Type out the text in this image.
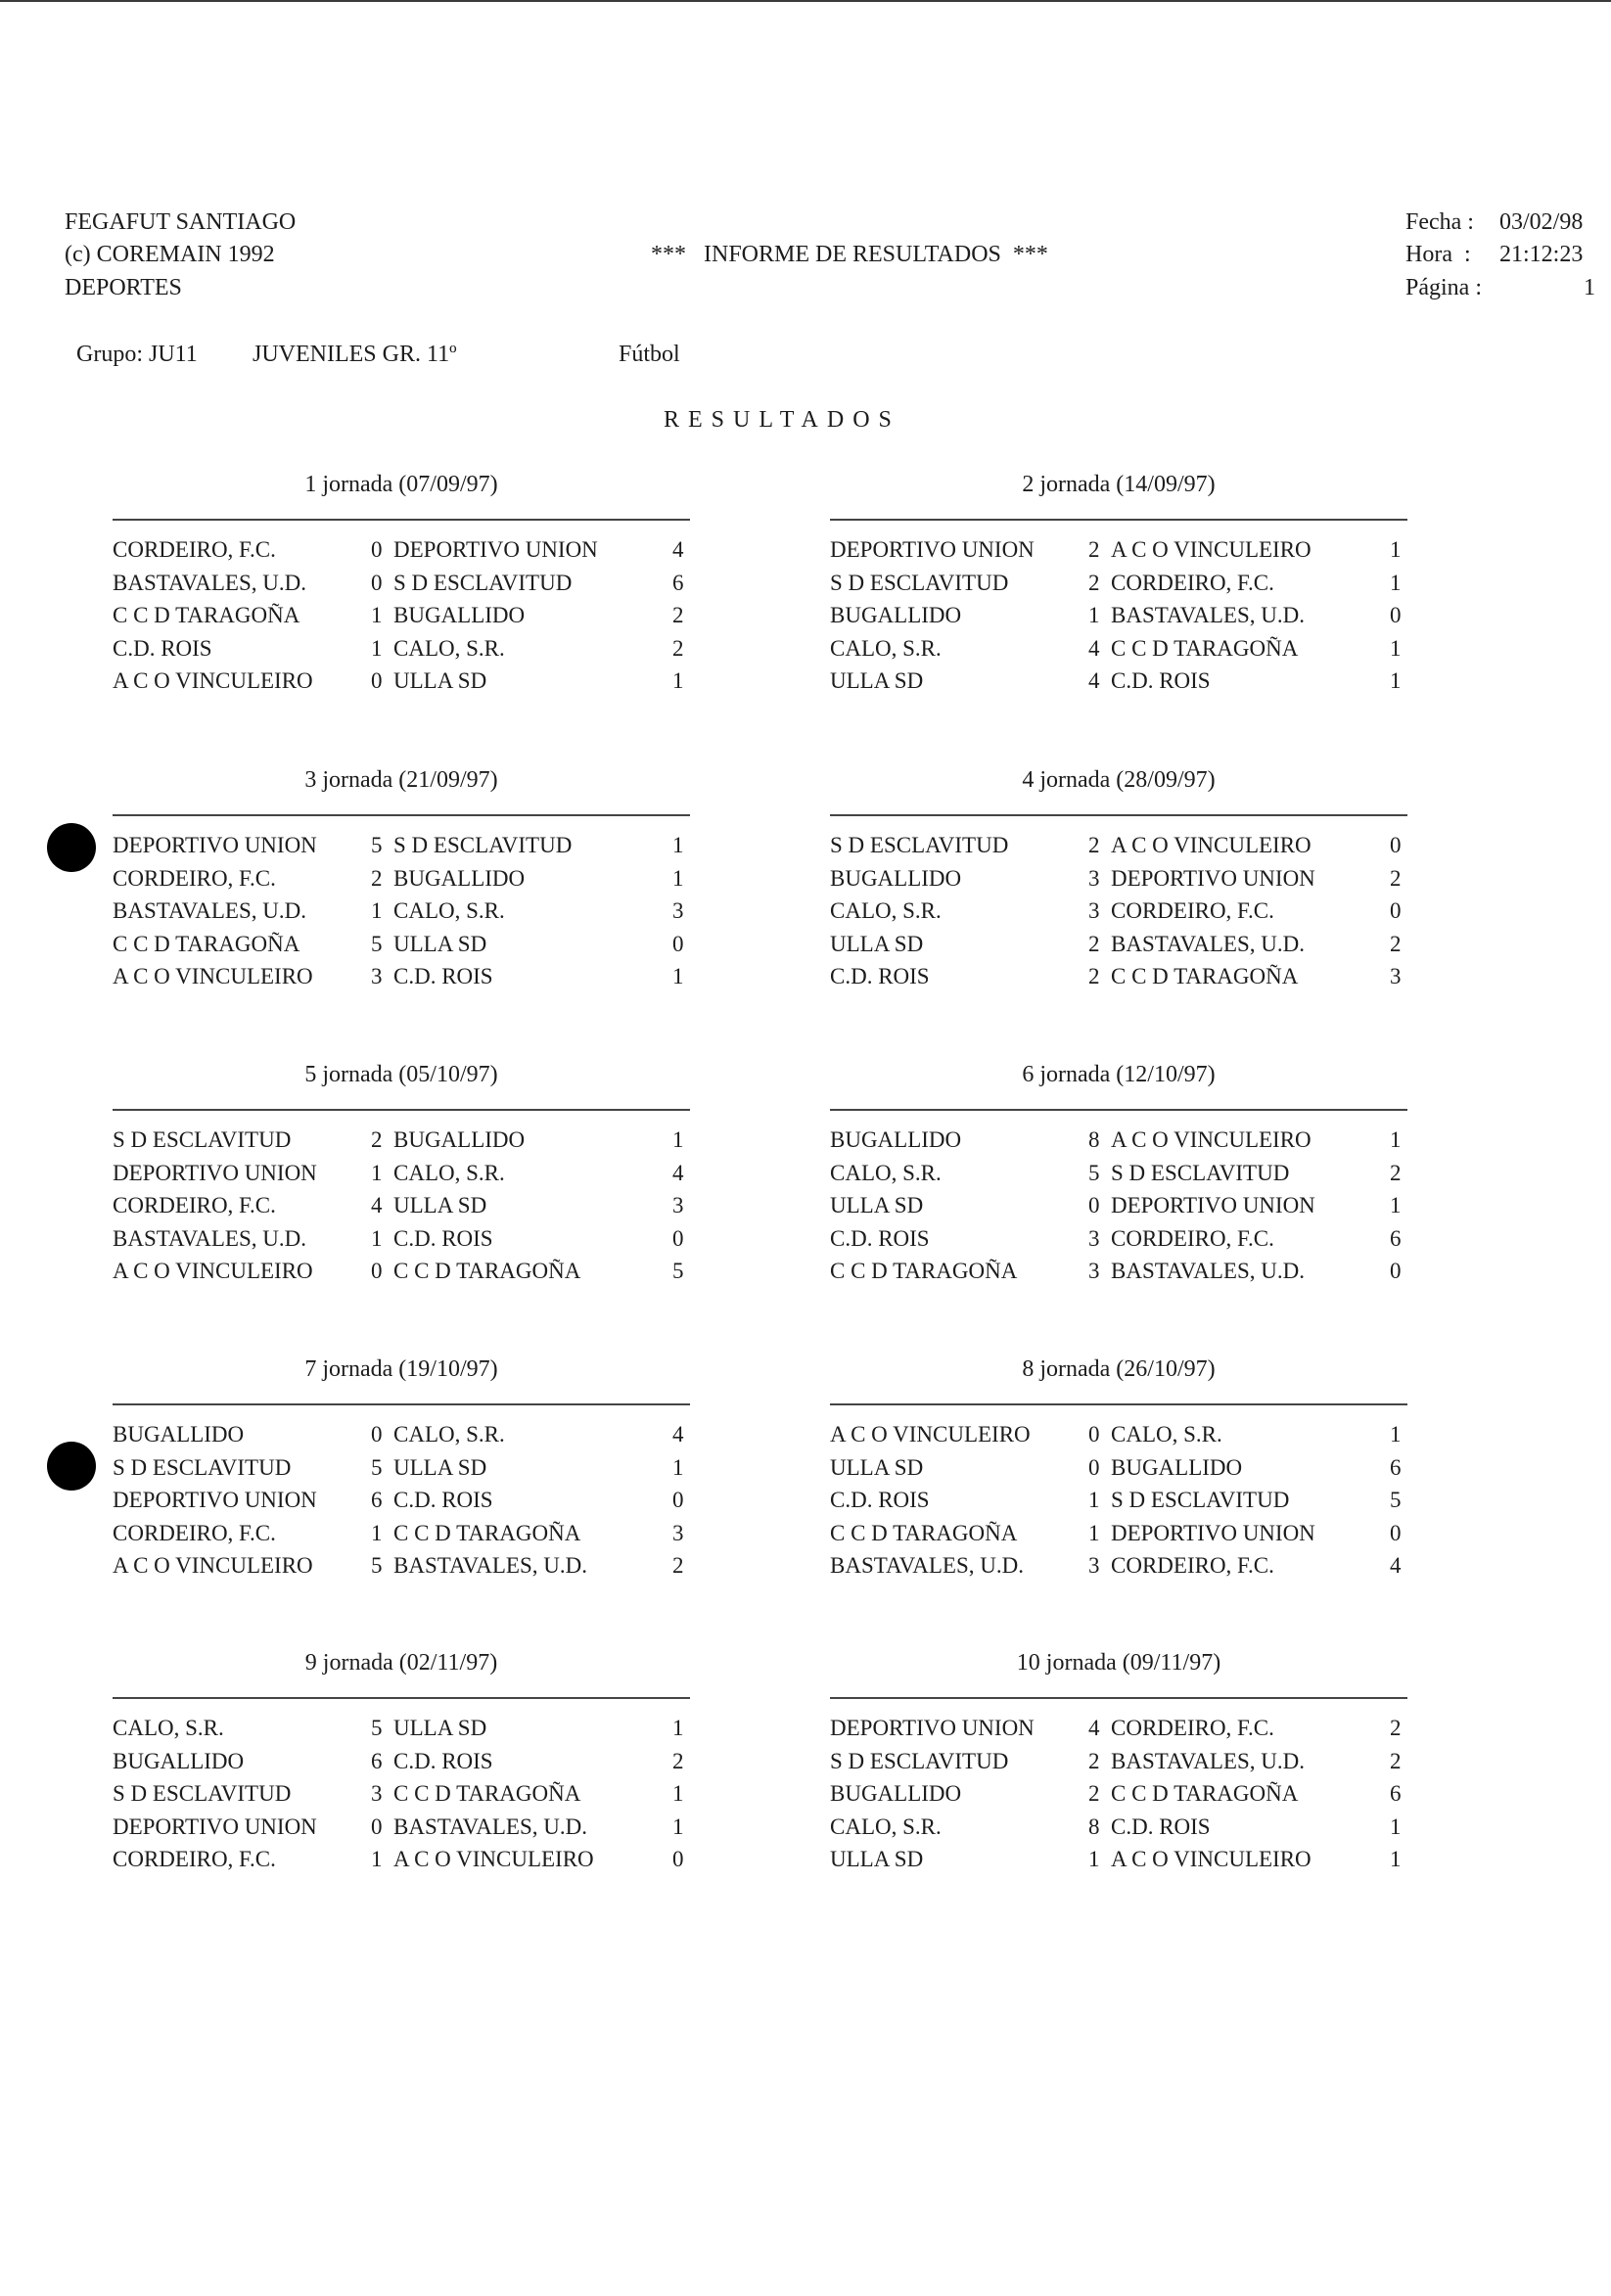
FEGAFUT SANTIAGO
(c) COREMAIN 1992
DEPORTES
***   INFORME DE RESULTADOS  ***
Fecha : 03/02/98
Hora  : 21:12:23
Página :	1
Grupo: JU11 JUVENILES GR. 11º	Fútbol
RESULTADOS
1 jornada (07/09/97)
CORDEIRO, F.C.	0 DEPORTIVO UNION	4
BASTAVALES, U.D.	0 S D ESCLAVITUD	6
C C D TARAGOÑA	1 BUGALLIDO	2
C.D. ROIS	1 CALO, S.R.	2
A C O VINCULEIRO	0 ULLA SD	1
2 jornada (14/09/97)
DEPORTIVO UNION 2 A C O VINCULEIRO	1
S D ESCLAVITUD	2 CORDEIRO, F.C.	1
BUGALLIDO	1 BASTAVALES, U.D.	0
CALO, S.R.	4 C C D TARAGOÑA	1
ULLA SD	4 C.D. ROIS	1
3 jornada (21/09/97)
DEPORTIVO UNION 5 S D ESCLAVITUD	1
CORDEIRO, F.C.	2 BUGALLIDO	1
BASTAVALES, U.D.	1 CALO, S.R.	3
C C D TARAGOÑA	5 ULLA SD	0
A C O VINCULEIRO	3 C.D. ROIS	1
4 jornada (28/09/97)
S D ESCLAVITUD	2 A C O VINCULEIRO	0
BUGALLIDO	3 DEPORTIVO UNION	2
CALO, S.R.	3 CORDEIRO, F.C.	0
ULLA SD	2 BASTAVALES, U.D.	2
C.D. ROIS	2 C C D TARAGOÑA	3
5 jornada (05/10/97)
S D ESCLAVITUD	2 BUGALLIDO	1
DEPORTIVO UNION 1 CALO, S.R.	4
CORDEIRO, F.C.	4 ULLA SD	3
BASTAVALES, U.D.	1 C.D. ROIS	0
A C O VINCULEIRO	0 C C D TARAGOÑA	5
6 jornada (12/10/97)
BUGALLIDO	8 A C O VINCULEIRO	1
CALO, S.R.	5 S D ESCLAVITUD	2
ULLA SD	0 DEPORTIVO UNION	1
C.D. ROIS	3 CORDEIRO, F.C.	6
C C D TARAGOÑA	3 BASTAVALES, U.D.	0
7 jornada (19/10/97)
BUGALLIDO	0 CALO, S.R.	4
S D ESCLAVITUD	5 ULLA SD	1
DEPORTIVO UNION 6 C.D. ROIS	0
CORDEIRO, F.C.	1 C C D TARAGOÑA	3
A C O VINCULEIRO	5 BASTAVALES, U.D.	2
8 jornada (26/10/97)
A C O VINCULEIRO	0 CALO, S.R.	1
ULLA SD	0 BUGALLIDO	6
C.D. ROIS	1 S D ESCLAVITUD	5
C C D TARAGOÑA	1 DEPORTIVO UNION	0
BASTAVALES, U.D.	3 CORDEIRO, F.C.	4
9 jornada (02/11/97)
CALO, S.R.	5 ULLA SD	1
BUGALLIDO	6 C.D. ROIS	2
S D ESCLAVITUD	3 C C D TARAGOÑA	1
DEPORTIVO UNION 0 BASTAVALES, U.D.	1
CORDEIRO, F.C.	1 A C O VINCULEIRO	0
10 jornada (09/11/97)
DEPORTIVO UNION 4 CORDEIRO, F.C.	2
S D ESCLAVITUD	2 BASTAVALES, U.D.	2
BUGALLIDO	2 C C D TARAGOÑA	6
CALO, S.R.	8 C.D. ROIS	1
ULLA SD	1 A C O VINCULEIRO	1
